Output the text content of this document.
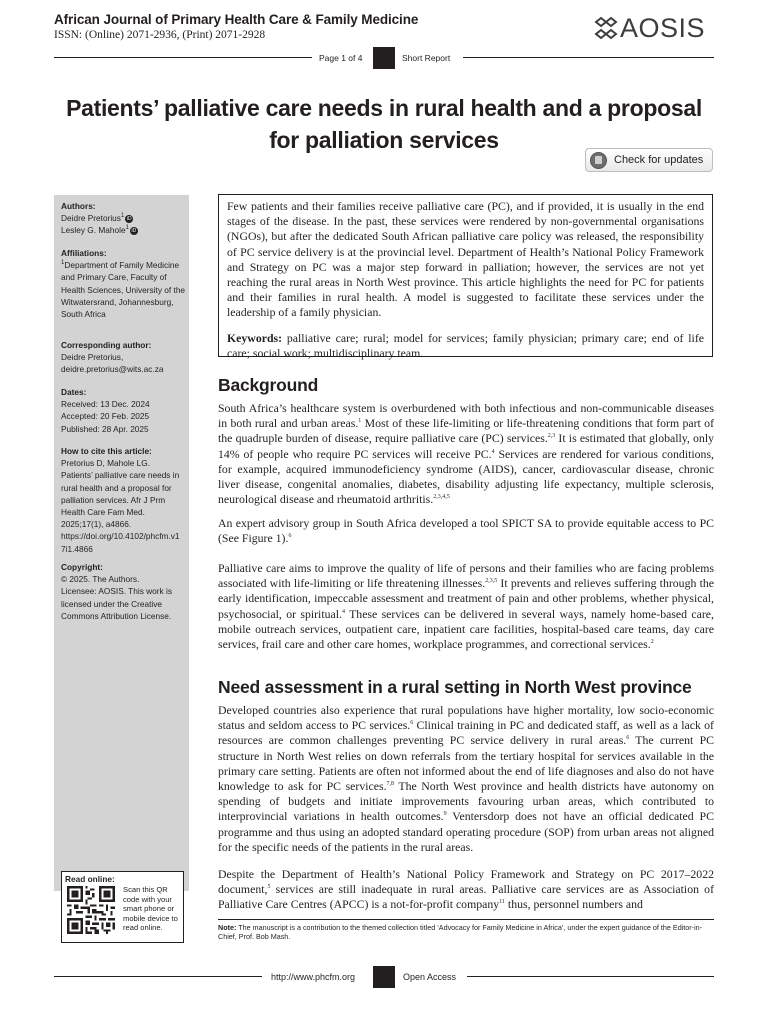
African Journal of Primary Health Care & Family Medicine
ISSN: (Online) 2071-2936, (Print) 2071-2928	AOSIS
Page 1 of 4	Short Report
Patients’ palliative care needs in rural health and a proposal for palliation services
Check for updates
Authors:
Deidre Pretorius$^1$ iD
Lesley G. Mahole$^1$ iD
Affiliations:
$^1$Department of Family Medicine and Primary Care, Faculty of Health Sciences, University of the Witwatersrand, Johannesburg, South Africa
Corresponding author:
Deidre Pretorius,
deidre.pretorius@wits.ac.za
Dates:
Received: 13 Dec. 2024
Accepted: 20 Feb. 2025
Published: 28 Apr. 2025
How to cite this article:
Pretorius D, Mahole LG. Patients’ palliative care needs in rural health and a proposal for palliation services. Afr J Prm Health Care Fam Med. 2025;17(1), a4866. https://doi.org/10.4102/phcfm.v17i1.4866
Copyright:
© 2025. The Authors. Licensee: AOSIS. This work is licensed under the Creative Commons Attribution License.
Read online:
Scan this QR code with your smart phone or mobile device to read online.
Few patients and their families receive palliative care (PC), and if provided, it is usually in the end stages of the disease. In the past, these services were rendered by non-governmental organisations (NGOs), but after the dedicated South African palliative care policy was released, the responsibility of PC service delivery is at the provincial level. Department of Health’s National Policy Framework and Strategy on PC was a major step forward in palliation; however, the services are not yet reaching the rural areas in North West province. This article highlights the need for PC for patients and their families in rural health. A model is suggested to facilitate these services under the leadership of a family physician.
Keywords: palliative care; rural; model for services; family physician; primary care; end of life care; social work; multidisciplinary team.
Background
South Africa’s healthcare system is overburdened with both infectious and non-communicable diseases in both rural and urban areas.$^1$ Most of these life-limiting or life-threatening conditions that form part of the quadruple burden of disease, require palliative care (PC) services.$^{2,3}$ It is estimated that globally, only 14% of people who require PC services will receive PC.$^4$ Services are rendered for various conditions, for example, acquired immunodeficiency syndrome (AIDS), cancer, cardiovascular disease, chronic liver disease, congenital anomalies, diabetes, disability adjusting life expectancy, multiple sclerosis, neurological disease and rheumatoid arthritis.$^{2,3,4,5}$
An expert advisory group in South Africa developed a tool SPICT SA to provide equitable access to PC (See Figure 1).$^6$
Palliative care aims to improve the quality of life of persons and their families who are facing problems associated with life-limiting or life threatening illnesses.$^{2,3,5}$ It prevents and relieves suffering through the early identification, impeccable assessment and treatment of pain and other problems, whether physical, psychosocial, or spiritual.$^4$ These services can be delivered in several ways, namely home-based care, mobile outreach services, outpatient care, inpatient care facilities, hospital-based care teams, day care services, frail care and other care homes, workplace programmes, and correctional services.$^2$
Need assessment in a rural setting in North West province
Developed countries also experience that rural populations have higher mortality, low socio-economic status and seldom access to PC services.$^6$ Clinical training in PC and dedicated staff, as well as a lack of resources are common challenges preventing PC service delivery in rural areas.$^6$ The current PC structure in North West relies on down referrals from the tertiary hospital for services available in the primary care setting. Patients are often not informed about the end of life diagnoses and also do not have knowledge to ask for PC services.$^{7,8}$ The North West province and health districts have autonomy on spending of budgets and initiate improvements favouring urban areas, which contributed to interprovincial variations in health outcomes.$^9$ Ventersdorp does not have an official dedicated PC programme and thus using an adopted standard operating procedure (SOP) from urban areas not aligned for the specific needs of the patients in the rural areas.
Despite the Department of Health’s National Policy Framework and Strategy on PC 2017–2022 document,$^5$ services are still inadequate in rural areas. Palliative care services are as Association of Palliative Care Centres (APCC) is a not-for-profit company$^{11}$ thus, personnel numbers and
Note: The manuscript is a contribution to the themed collection titled ‘Advocacy for Family Medicine in Africa’, under the expert guidance of the Editor-in-Chief, Prof. Bob Mash.
http://www.phcfm.org	Open Access
